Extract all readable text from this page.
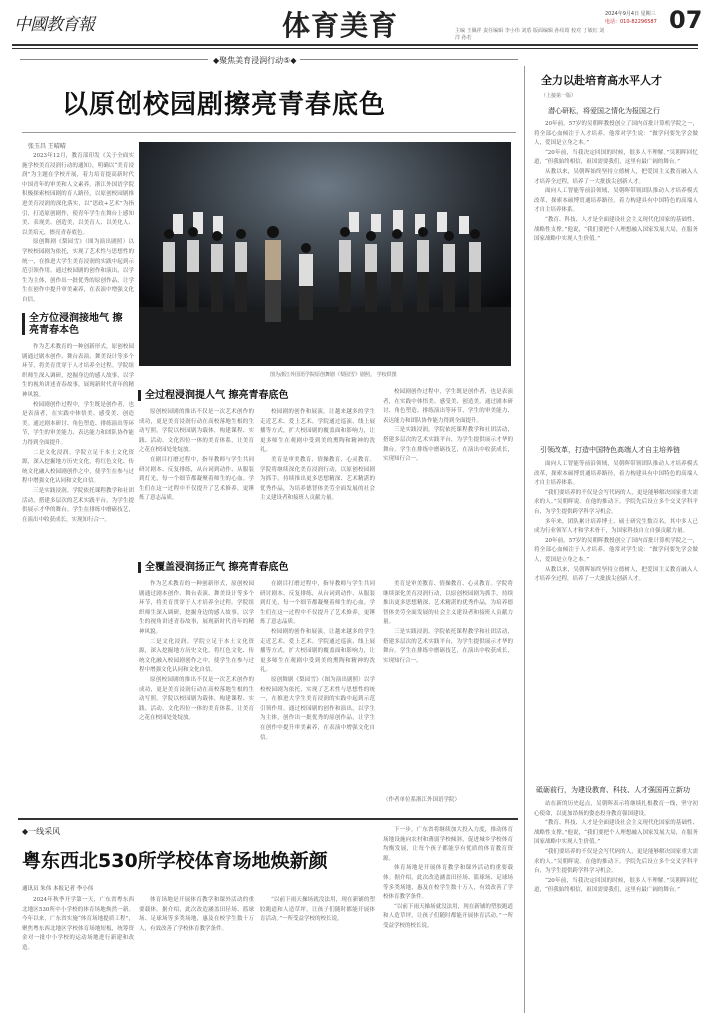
中國教育報	体育美育	主编 王佩祥 责任编辑 李小伟 刘盾 版面编辑 孙纹筠 校对 丁敏红 刘 洋 孙若
2024年9月4日 星期三
电话：010-82296587 07
◆聚焦美育浸润行动⑤◆
以原创校园剧擦亮青春底色
张玉昌 王晴晴

2023年12月，教育部印发《关于全面实施学校美育浸润行动的通知》，明确以“美育浸润”为主题在学校开展，着力培育提高新时代中国青年的审美和人文素养。浙江外国语学院积极探索校园剧的育人路径，以原创校园剧推进美育浸润的深化落实，以“思政+艺术”为指引，打造原创剧作，使青年学生在舞台上感知美、表现美、创造美，以美育人、以美化人、以美培元，擦亮青春底色。

原创舞剧《梨园雪》（图为演出剧照）以学校校园剧为依托，实现了艺术性与思想性的统一，在推进大学生美育浸润的实践中起到示范引领作用。通过校园剧的创作和演出，以学生为主体，创作出一批优秀的原创作品，让学生在创作中提升审美素养，在表演中增强文化自信。

全方位浸润接地气 擦亮青春本色

作为艺术教育的一种创新形式，原创校园剧通过剧本创作、舞台表演、舞美设计等多个环节，将美育贯穿于人才培养全过程。学院组织师生深入调研，挖掘身边的感人故事，以学生的视角讲述青春故事，展现新时代青年的精神风貌。

校园剧创作过程中，学生既是创作者，也是表演者，在实践中体悟美、感受美、创造美。通过剧本研讨、角色塑造、排练演出等环节，学生的审美能力、表达能力和团队协作能力得到全面提升。

二是文化浸润。学院立足于本土文化资源，深入挖掘地方历史文化，将红色文化、传统文化融入校园剧创作之中，使学生在参与过程中增强文化认同和文化自信。

三是实践浸润。学院依托课程教学和社团活动，搭建多层次的艺术实践平台，为学生提供展示才华的舞台。学生在排练中磨砺技艺，在演出中收获成长，实现知行合一。

图为浙江外国语学院原创舞剧《梨园雪》剧照。 学校供图
全过程浸润提人气 擦亮青春底色

原创校园剧的推出不仅是一次艺术创作的成功，更是美育浸润行动在高校落地生根的生动写照。学院以校园剧为载体，构建课程、实践、活动、文化四位一体的美育体系，让美育之花在校园处处绽放。

在剧目打磨过程中，指导教师与学生共同研讨剧本、反复排练，从台词到动作、从服装到灯光，每一个细节都凝聚着师生的心血。学生们在这一过程中不仅提升了艺术修养，更锤炼了意志品质。

校园剧的创作和展演，让越来越多的学生走近艺术、爱上艺术。学院通过巡演、线上展播等方式，扩大校园剧的覆盖面和影响力，让更多师生在观剧中受到美的熏陶和精神的洗礼。

美育是审美教育、情操教育、心灵教育。学院将继续深化美育浸润行动，以原创校园剧为抓手，持续推出更多思想精深、艺术精湛的优秀作品，为培养德智体美劳全面发展的社会主义建设者和接班人贡献力量。

校园剧创作过程中，学生既是创作者，也是表演者，在实践中体悟美、感受美、创造美。通过剧本研讨、角色塑造、排练演出等环节，学生的审美能力、表达能力和团队协作能力得到全面提升。

三是实践浸润。学院依托课程教学和社团活动，搭建多层次的艺术实践平台，为学生提供展示才华的舞台。学生在排练中磨砺技艺，在演出中收获成长，实现知行合一。

全覆盖浸润扬正气 擦亮青春底色

作为艺术教育的一种创新形式，原创校园剧通过剧本创作、舞台表演、舞美设计等多个环节，将美育贯穿于人才培养全过程。学院组织师生深入调研，挖掘身边的感人故事，以学生的视角讲述青春故事，展现新时代青年的精神风貌。

二是文化浸润。学院立足于本土文化资源，深入挖掘地方历史文化，将红色文化、传统文化融入校园剧创作之中，使学生在参与过程中增强文化认同和文化自信。

原创校园剧的推出不仅是一次艺术创作的成功，更是美育浸润行动在高校落地生根的生动写照。学院以校园剧为载体，构建课程、实践、活动、文化四位一体的美育体系，让美育之花在校园处处绽放。

在剧目打磨过程中，指导教师与学生共同研讨剧本、反复排练，从台词到动作、从服装到灯光，每一个细节都凝聚着师生的心血。学生们在这一过程中不仅提升了艺术修养，更锤炼了意志品质。

校园剧的创作和展演，让越来越多的学生走近艺术、爱上艺术。学院通过巡演、线上展播等方式，扩大校园剧的覆盖面和影响力，让更多师生在观剧中受到美的熏陶和精神的洗礼。

原创舞剧《梨园雪》（图为演出剧照）以学校校园剧为依托，实现了艺术性与思想性的统一，在推进大学生美育浸润的实践中起到示范引领作用。通过校园剧的创作和演出，以学生为主体，创作出一批优秀的原创作品，让学生在创作中提升审美素养，在表演中增强文化自信。

美育是审美教育、情操教育、心灵教育。学院将继续深化美育浸润行动，以原创校园剧为抓手，持续推出更多思想精深、艺术精湛的优秀作品，为培养德智体美劳全面发展的社会主义建设者和接班人贡献力量。

三是实践浸润。学院依托课程教学和社团活动，搭建多层次的艺术实践平台，为学生提供展示才华的舞台。学生在排练中磨砺技艺，在演出中收获成长，实现知行合一。

（作者单位系浙江外国语学院）
全力以赴培育高水平人才
（上接第一版）
潜心研耘，将爱国之情化为报国之行

20年前，57岁的吴朝晖教授创立了国内首批计算机学院之一，将全部心血倾注于人才培养。他常对学生说：“做学问要先学会做人，爱国是立身之本。”

“20年前，当我决定回国的时候，很多人不理解。”吴朝晖回忆道，“但我始终相信，祖国需要我们，这里有最广阔的舞台。”

从教以来，吴朝晖始终坚持立德树人，把爱国主义教育融入人才培养全过程，培养了一大批拔尖创新人才。

面向人工智能等前沿领域，吴朝晖带领团队推动人才培养模式改革，探索本硕博贯通培养路径，着力构建具有中国特色的高端人才自主培养体系。

“教育、科技、人才是全面建设社会主义现代化国家的基础性、战略性支撑。”他说，“我们要把个人理想融入国家发展大局，在服务国家战略中实现人生价值。”

引领改革，打造中国特色高端人才自主培养链

面向人工智能等前沿领域，吴朝晖带领团队推动人才培养模式改革，探索本硕博贯通培养路径，着力构建具有中国特色的高端人才自主培养体系。

“我们要培养的不仅是会写代码的人，更是能够解决国家重大需求的人。”吴朝晖说。在他的推动下，学院先后设立多个交叉学科平台，为学生提供跨学科学习机会。

多年来，团队累计培养博士、硕士研究生数百名，其中多人已成为行业领军人才和学术骨干，为国家科技自立自强贡献力量。

20年前，57岁的吴朝晖教授创立了国内首批计算机学院之一，将全部心血倾注于人才培养。他常对学生说：“做学问要先学会做人，爱国是立身之本。”

从教以来，吴朝晖始终坚持立德树人，把爱国主义教育融入人才培养全过程，培养了一大批拔尖创新人才。

砥砺前行，为建设教育、科技、人才强国再立新功

站在新的历史起点，吴朝晖表示将继续扎根教育一线，坚守初心使命，以更加昂扬的姿态投身教育强国建设。

“教育、科技、人才是全面建设社会主义现代化国家的基础性、战略性支撑。”他说，“我们要把个人理想融入国家发展大局，在服务国家战略中实现人生价值。”

“我们要培养的不仅是会写代码的人，更是能够解决国家重大需求的人。”吴朝晖说。在他的推动下，学院先后设立多个交叉学科平台，为学生提供跨学科学习机会。

“20年前，当我决定回国的时候，很多人不理解。”吴朝晖回忆道，“但我始终相信，祖国需要我们，这里有最广阔的舞台。”

◆一线采风
粤东西北530所学校体育场地焕新颜
通讯员 朱伟 本报记者 李小伟

2024年秋季开学第一天，广东省粤东西北地区530所中小学校的体育场地焕然一新。今年以来，广东省实施“体育场地提质工程”，聚焦粤东西北地区学校体育场地短板，统筹资金对一批中小学校的运动场地进行新建和改造。

体育场地是开展体育教学和课外活动的重要载体。据介绍，此次改造涵盖田径场、篮球场、足球场等多类场地，惠及在校学生数十万人，有效改善了学校体育教学条件。

“以前下雨天操场就没法用，现在新铺的塑胶跑道和人造草坪，让孩子们随时都能开展体育活动。”一所受益学校的校长说。

下一步，广东省将继续加大投入力度，推动体育场地设施向农村和薄弱学校倾斜，促进城乡学校体育均衡发展，让每个孩子都能享有优质的体育教育资源。

体育场地是开展体育教学和课外活动的重要载体。据介绍，此次改造涵盖田径场、篮球场、足球场等多类场地，惠及在校学生数十万人，有效改善了学校体育教学条件。

“以前下雨天操场就没法用，现在新铺的塑胶跑道和人造草坪，让孩子们随时都能开展体育活动。”一所受益学校的校长说。
